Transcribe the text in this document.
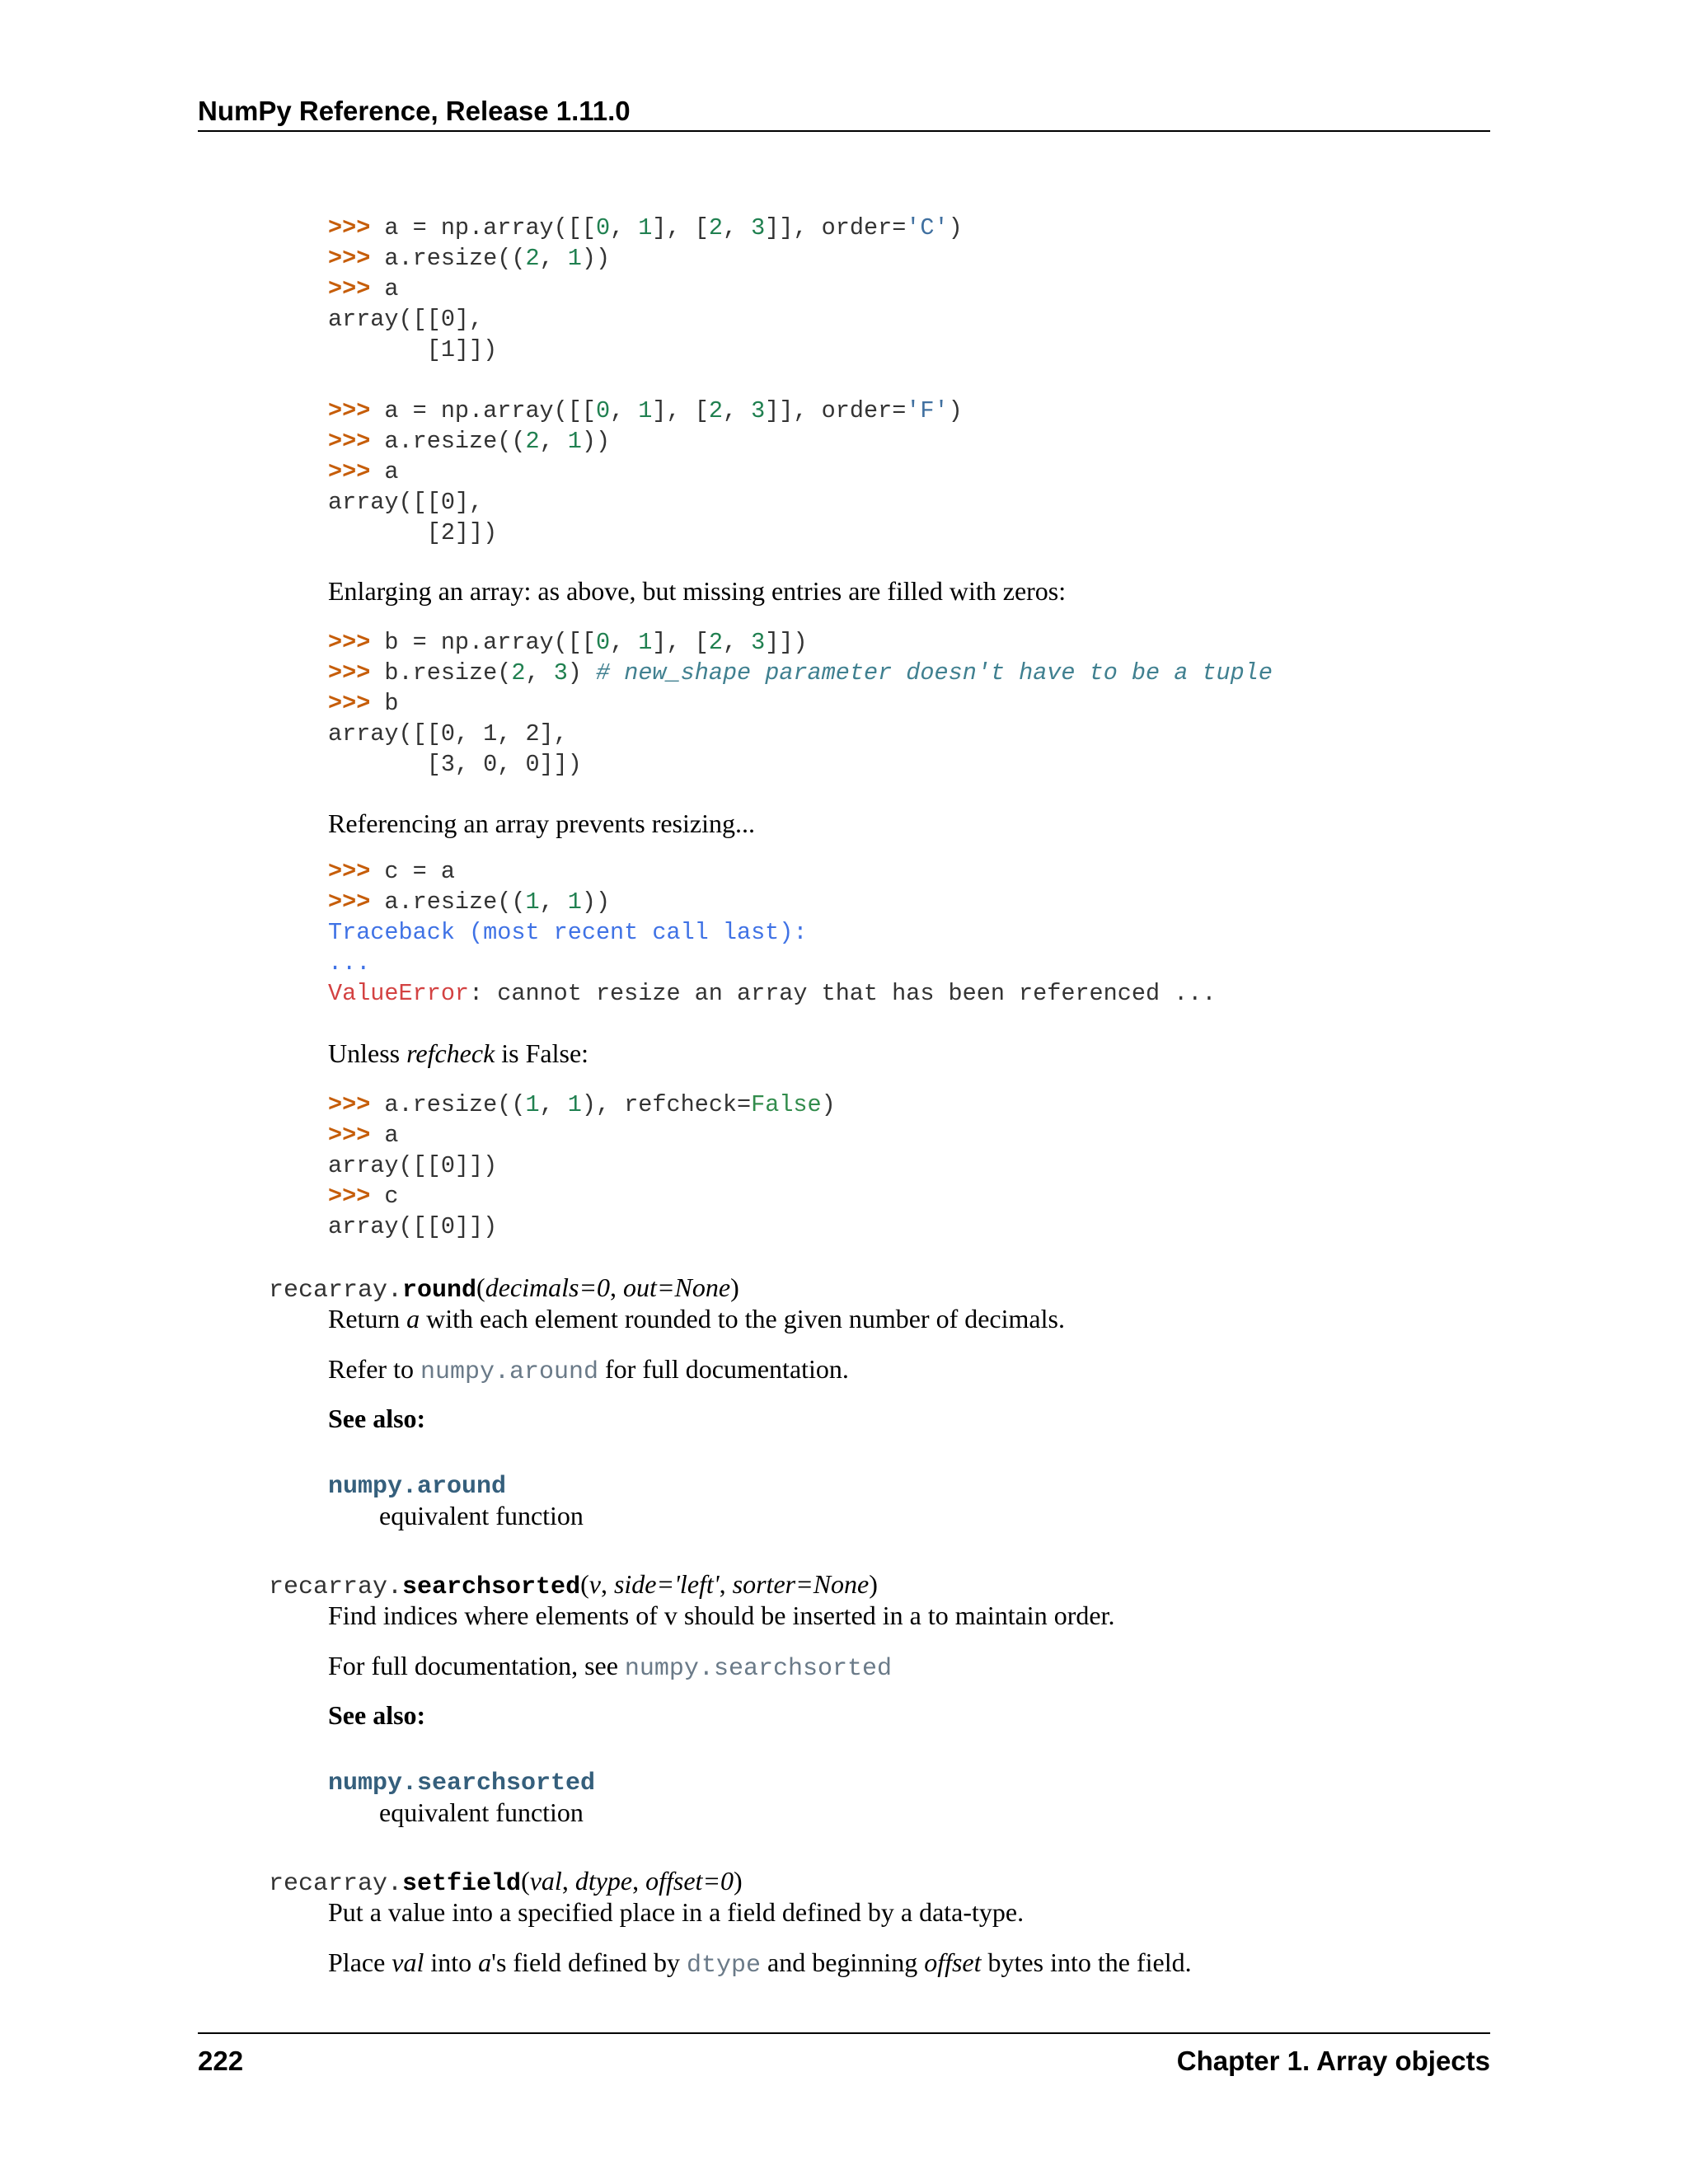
NumPy Reference, Release 1.11.0
>>> a = np.array([[0, 1], [2, 3]], order='C')
>>> a.resize((2, 1))
>>> a
array([[0],
[1]])

>>> a = np.array([[0, 1], [2, 3]], order='F')
>>> a.resize((2, 1))
>>> a
array([[0],
[2]])

Enlarging an array: as above, but missing entries are filled with zeros:

>>> b = np.array([[0, 1], [2, 3]])
>>> b.resize(2, 3) # new_shape parameter doesn't have to be a tuple
>>> b
array([[0, 1, 2],
[3, 0, 0]])

Referencing an array prevents resizing...

>>> c = a
>>> a.resize((1, 1))
Traceback (most recent call last):
...
ValueError: cannot resize an array that has been referenced ...

Unless refcheck is False:

>>> a.resize((1, 1), refcheck=False)
>>> a
array([[0]])
>>> c
array([[0]])

recarray.round(decimals=0, out=None)

Return a with each element rounded to the given number of decimals.

Refer to numpy.around for full documentation.

See also:

numpy.around

equivalent function

recarray.searchsorted(v, side='left', sorter=None)

Find indices where elements of v should be inserted in a to maintain order.

For full documentation, see numpy.searchsorted

See also:

numpy.searchsorted

equivalent function

recarray.setfield(val, dtype, offset=0)

Put a value into a specified place in a field defined by a data-type.

Place val into a's field defined by dtype and beginning offset bytes into the field.

222	Chapter 1. Array objects
